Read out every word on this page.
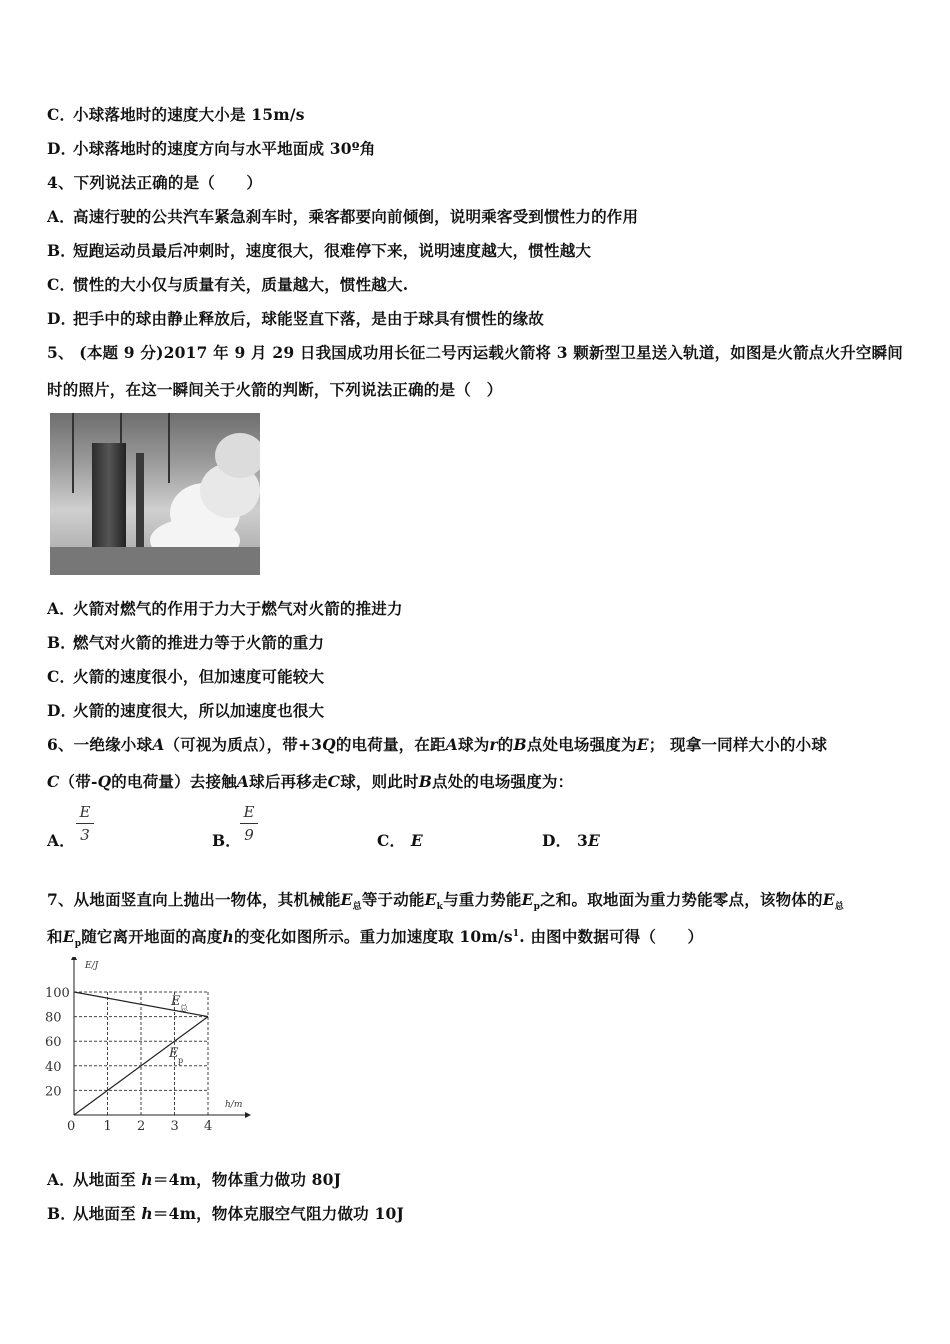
C．小球落地时的速度大小是 15m/s
D．小球落地时的速度方向与水平地面成 30º角
4、下列说法正确的是（　　）
A．高速行驶的公共汽车紧急刹车时，乘客都要向前倾倒，说明乘客受到惯性力的作用
B．短跑运动员最后冲刺时，速度很大，很难停下来，说明速度越大，惯性越大
C．惯性的大小仅与质量有关，质量越大，惯性越大.
D．把手中的球由静止释放后，球能竖直下落，是由于球具有惯性的缘故
5、 (本题 9 分)2017 年 9 月 29 日我国成功用长征二号丙运载火箭将 3 颗新型卫星送入轨道，如图是火箭点火升空瞬间
时的照片，在这一瞬间关于火箭的判断，下列说法正确的是（　）
A．火箭对燃气的作用于力大于燃气对火箭的推进力
B．燃气对火箭的推进力等于火箭的重力
C．火箭的速度很小，但加速度可能较大
D．火箭的速度很大，所以加速度也很大
6、一绝缘小球A（可视为质点），带+3Q的电荷量，在距A球为r的B点处电场强度为E； 现拿一同样大小的小球
C（带-Q的电荷量）去接触A球后再移走C球，则此时B点处的电场强度为：
A．
E
3	B．
E
9	C． E	D． 3E
7、从地面竖直向上抛出一物体，其机械能$E_总$等于动能$E_k$与重力势能$E_p$之和。取地面为重力势能零点，该物体的$E_总$
和$E_p$随它离开地面的高度h的变化如图所示。重力加速度取 $10m/s^1$. 由图中数据可得（　　）
E/J
h/m
0 1 2 3 4
20
40
60
80
100
E 总
E p
A．从地面至 h＝4m，物体重力做功 80J
B．从地面至 h＝4m，物体克服空气阻力做功 10J
